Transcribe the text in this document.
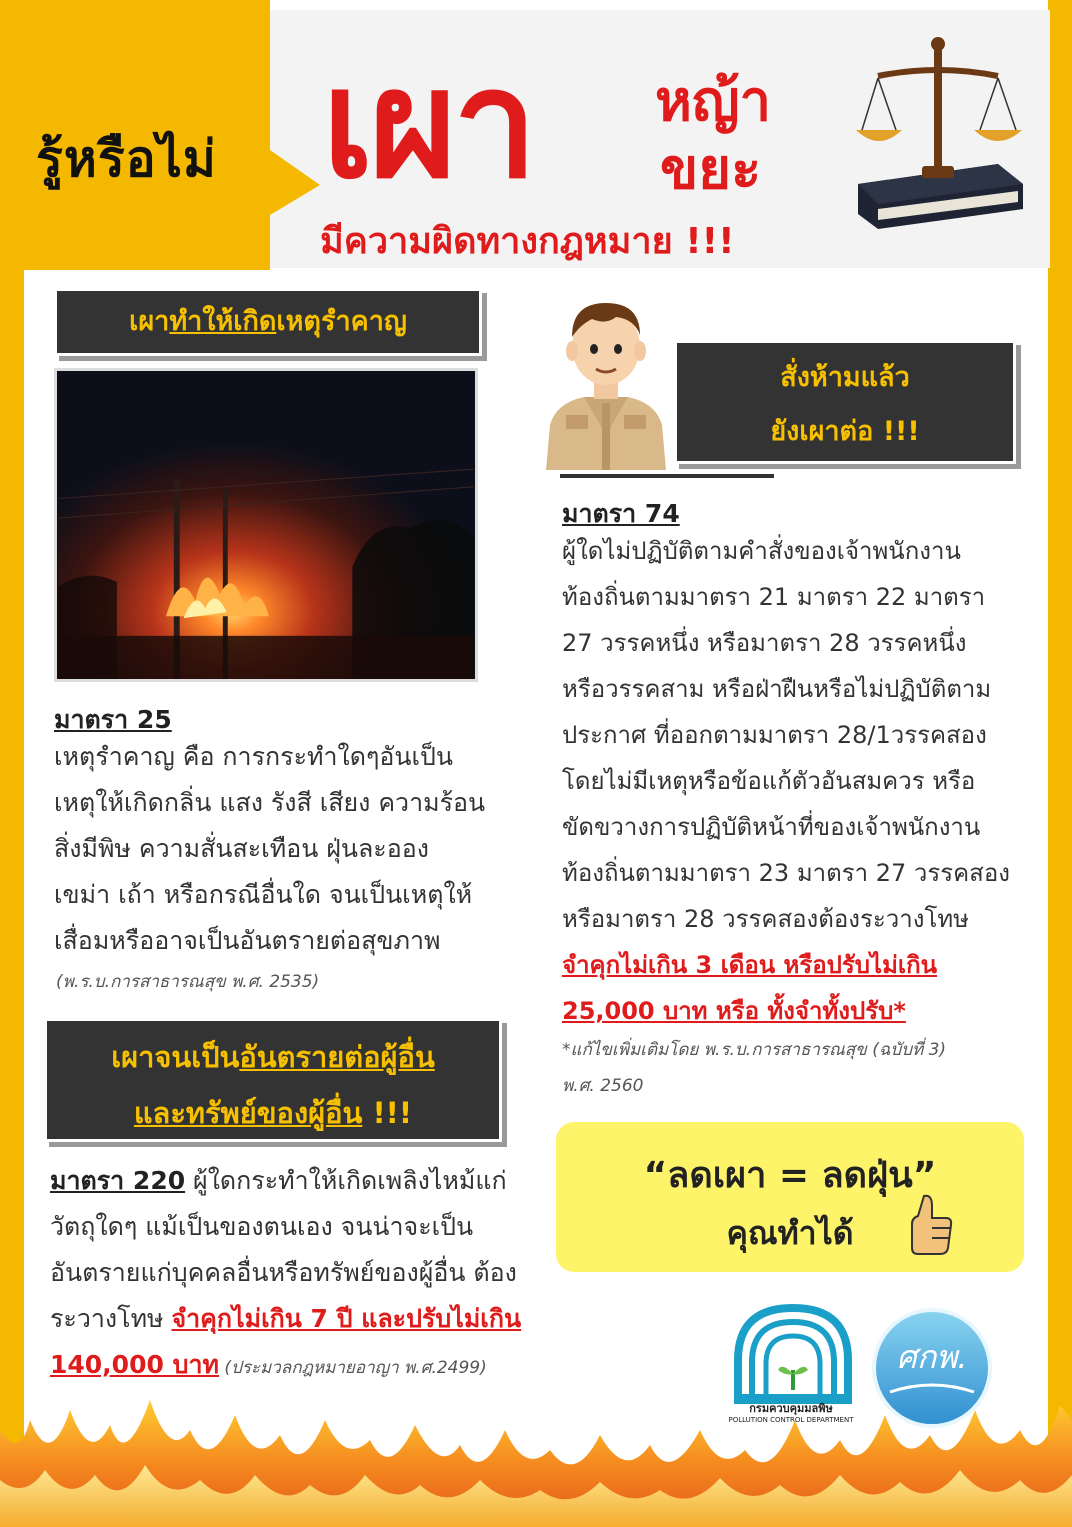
รู้หรือไม่ เผา หญ้า
ขยะ
มีความผิดทางกฎหมาย !!!
เผาทำให้เกิดเหตุรำคาญ
มาตรา 25
เหตุรำคาญ คือ การกระทำใดๆอันเป็น
เหตุให้เกิดกลิ่น แสง รังสี เสียง ความร้อน
สิ่งมีพิษ ความสั่นสะเทือน ฝุ่นละออง
เขม่า เถ้า หรือกรณีอื่นใด จนเป็นเหตุให้
เสื่อมหรืออาจเป็นอันตรายต่อสุขภาพ
(พ.ร.บ.การสาธารณสุข พ.ศ. 2535)
เผาจนเป็นอันตรายต่อผู้อื่น
และทรัพย์ของผู้อื่น !!!
มาตรา 220 ผู้ใดกระทำให้เกิดเพลิงไหม้แก่
วัตถุใดๆ แม้เป็นของตนเอง จนน่าจะเป็น
อันตรายแก่บุคคลอื่นหรือทรัพย์ของผู้อื่น ต้อง
ระวางโทษ จำคุกไม่เกิน 7 ปี และปรับไม่เกิน
140,000 บาท (ประมวลกฎหมายอาญา พ.ศ.2499)
สั่งห้ามแล้ว
ยังเผาต่อ !!!
มาตรา 74
ผู้ใดไม่ปฏิบัติตามคำสั่งของเจ้าพนักงาน
ท้องถิ่นตามมาตรา 21 มาตรา 22 มาตรา
27 วรรคหนึ่ง หรือมาตรา 28 วรรคหนึ่ง
หรือวรรคสาม หรือฝ่าฝืนหรือไม่ปฏิบัติตาม
ประกาศ ที่ออกตามมาตรา 28/1วรรคสอง
โดยไม่มีเหตุหรือข้อแก้ตัวอันสมควร หรือ
ขัดขวางการปฏิบัติหน้าที่ของเจ้าพนักงาน
ท้องถิ่นตามมาตรา 23 มาตรา 27 วรรคสอง
หรือมาตรา 28 วรรคสองต้องระวางโทษ
จำคุกไม่เกิน 3 เดือน หรือปรับไม่เกิน
25,000 บาท หรือ ทั้งจำทั้งปรับ*
*แก้ไขเพิ่มเติมโดย พ.ร.บ.การสาธารณสุข (ฉบับที่ 3)
พ.ศ. 2560
“ลดเผา = ลดฝุ่น”
คุณทำได้
กรมควบคุมมลพิษ
POLLUTION CONTROL DEPARTMENT
ศกพ.
